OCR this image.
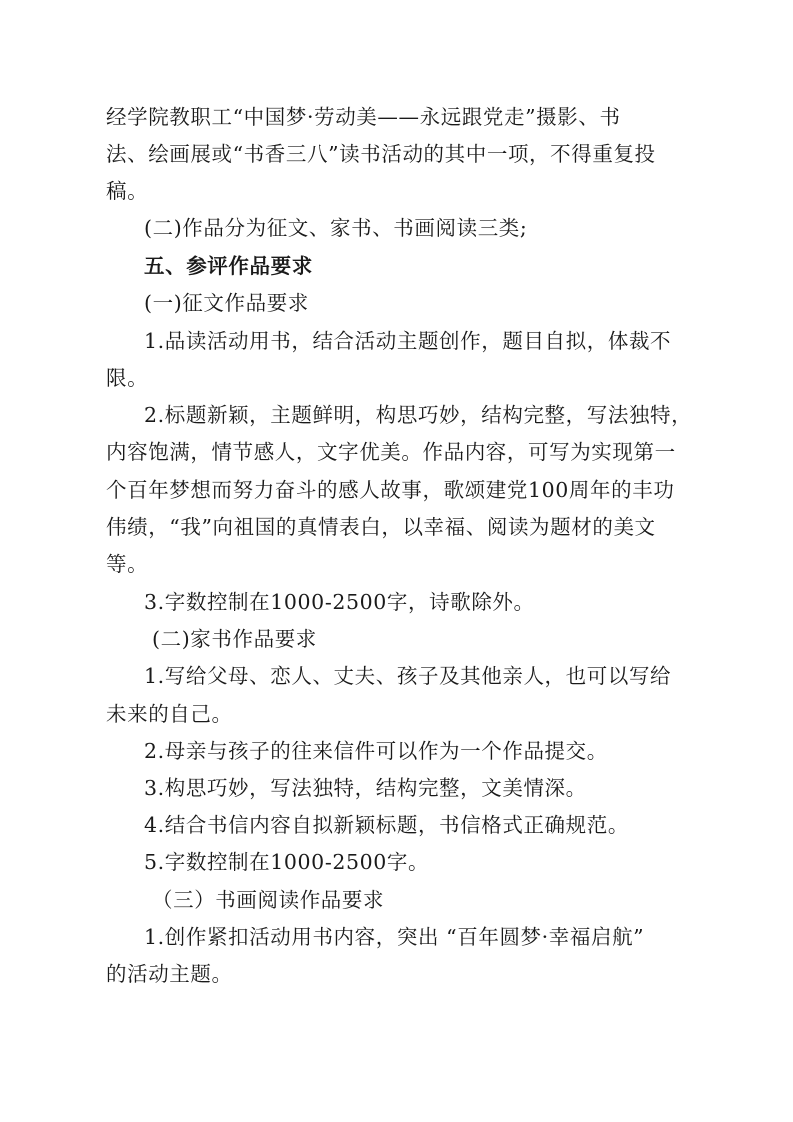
经学院教职工“中国梦·劳动美——永远跟党走”摄影、书
法、绘画展或“书香三八”读书活动的其中一项，不得重复投
稿。
(二)作品分为征文、家书、书画阅读三类;
五、参评作品要求
(一)征文作品要求
1.品读活动用书，结合活动主题创作，题目自拟，体裁不
限。
2.标题新颖，主题鲜明，构思巧妙，结构完整，写法独特，
内容饱满，情节感人，文字优美。作品内容，可写为实现第一
个百年梦想而努力奋斗的感人故事，歌颂建党100周年的丰功
伟绩，“我”向祖国的真情表白，以幸福、阅读为题材的美文
等。
3.字数控制在1000-2500字，诗歌除外。
(二)家书作品要求
1.写给父母、恋人、丈夫、孩子及其他亲人，也可以写给
未来的自己。
2.母亲与孩子的往来信件可以作为一个作品提交。
3.构思巧妙，写法独特，结构完整，文美情深。
4.结合书信内容自拟新颖标题，书信格式正确规范。
5.字数控制在1000-2500字。
（三）书画阅读作品要求
1.创作紧扣活动用书内容，突出 “百年圆梦·幸福启航”
的活动主题。
